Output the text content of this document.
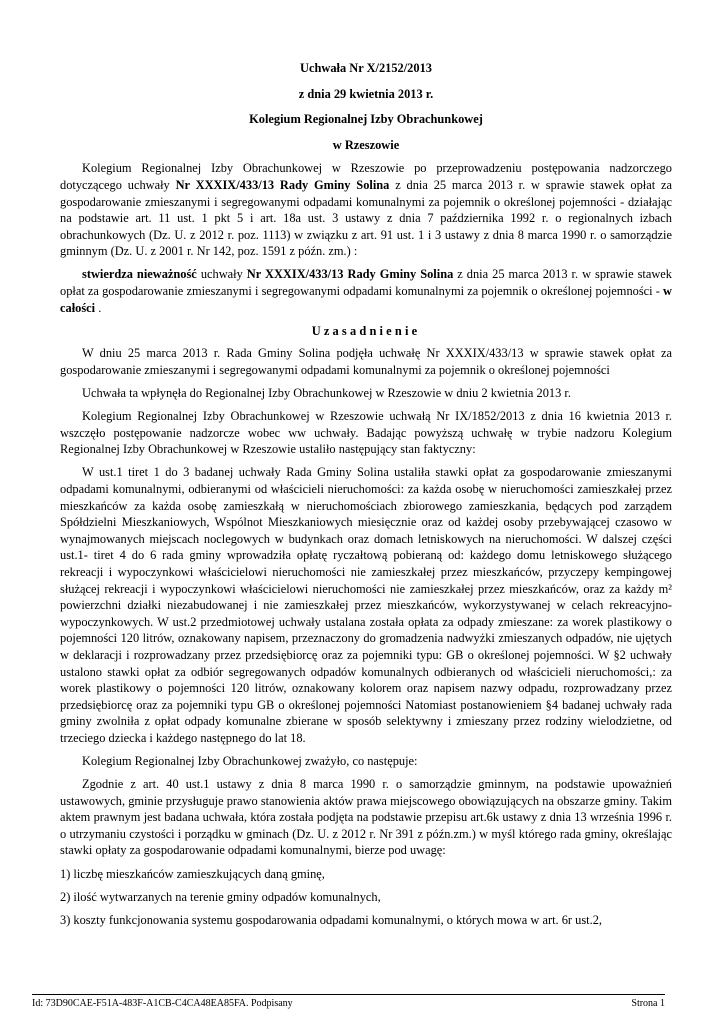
Uchwała Nr X/2152/2013
z dnia 29 kwietnia 2013 r.
Kolegium Regionalnej Izby Obrachunkowej
w Rzeszowie

Kolegium Regionalnej Izby Obrachunkowej w Rzeszowie po przeprowadzeniu postępowania nadzorczego dotyczącego uchwały Nr XXXIX/433/13 Rady Gminy Solina z dnia 25 marca 2013 r. w sprawie stawek opłat za gospodarowanie zmieszanymi i segregowanymi odpadami komunalnymi za pojemnik o określonej pojemności - działając na podstawie art. 11 ust. 1 pkt 5 i art. 18a ust. 3 ustawy z dnia 7 października 1992 r. o regionalnych izbach obrachunkowych (Dz. U. z 2012 r. poz. 1113) w związku z art. 91 ust. 1 i 3 ustawy z dnia 8 marca 1990 r. o samorządzie gminnym (Dz. U. z 2001 r. Nr 142, poz. 1591 z późn. zm.) :

stwierdza nieważność uchwały Nr XXXIX/433/13 Rady Gminy Solina z dnia 25 marca 2013 r. w sprawie stawek opłat za gospodarowanie zmieszanymi i segregowanymi odpadami komunalnymi za pojemnik o określonej pojemności - w całości .

Uzasadnienie

W dniu 25 marca 2013 r. Rada Gminy Solina podjęła uchwałę Nr XXXIX/433/13 w sprawie stawek opłat za gospodarowanie zmieszanymi i segregowanymi odpadami komunalnymi za pojemnik o określonej pojemności

Uchwała ta wpłynęła do Regionalnej Izby Obrachunkowej w Rzeszowie w dniu 2 kwietnia 2013 r.

Kolegium Regionalnej Izby Obrachunkowej w Rzeszowie uchwałą Nr IX/1852/2013 z dnia 16 kwietnia 2013 r. wszczęło postępowanie nadzorcze wobec ww uchwały. Badając powyższą uchwałę w trybie nadzoru Kolegium Regionalnej Izby Obrachunkowej w Rzeszowie ustaliło następujący stan faktyczny:

W ust.1 tiret 1 do 3 badanej uchwały Rada Gminy Solina ustaliła stawki opłat za gospodarowanie zmieszanymi odpadami komunalnymi, odbieranymi od właścicieli nieruchomości: za każda osobę w nieruchomości zamieszkałej przez mieszkańców za każda osobę zamieszkałą w nieruchomościach zbiorowego zamieszkania, będących pod zarządem Spółdzielni Mieszkaniowych, Wspólnot Mieszkaniowych miesięcznie oraz od każdej osoby przebywającej czasowo w wynajmowanych miejscach noclegowych w budynkach oraz domach letniskowych na nieruchomości. W dalszej części ust.1- tiret 4 do 6 rada gminy wprowadziła opłatę ryczałtową pobieraną od: każdego domu letniskowego służącego rekreacji i wypoczynkowi właścicielowi nieruchomości nie zamieszkałej przez mieszkańców, przyczepy kempingowej służącej rekreacji i wypoczynkowi właścicielowi nieruchomości nie zamieszkałej przez mieszkańców, oraz za każdy m² powierzchni działki niezabudowanej i nie zamieszkałej przez mieszkańców, wykorzystywanej w celach rekreacyjno-wypoczynkowych. W ust.2 przedmiotowej uchwały ustalana została opłata za odpady zmieszane: za worek plastikowy o pojemności 120 litrów, oznakowany napisem, przeznaczony do gromadzenia nadwyżki zmieszanych odpadów, nie ujętych w deklaracji i rozprowadzany przez przedsiębiorcę oraz za pojemniki typu: GB o określonej pojemności. W §2 uchwały ustalono stawki opłat za odbiór segregowanych odpadów komunalnych odbieranych od właścicieli nieruchomości,: za worek plastikowy o pojemności 120 litrów, oznakowany kolorem oraz napisem nazwy odpadu, rozprowadzany przez przedsiębiorcę oraz za pojemniki typu GB o określonej pojemności Natomiast postanowieniem §4 badanej uchwały rada gminy zwolniła z opłat odpady komunalne zbierane w sposób selektywny i zmieszany przez rodziny wielodzietne, od trzeciego dziecka i każdego następnego do lat 18.

Kolegium Regionalnej Izby Obrachunkowej zważyło, co następuje:

Zgodnie z art. 40 ust.1 ustawy z dnia 8 marca 1990 r. o samorządzie gminnym, na podstawie upoważnień ustawowych, gminie przysługuje prawo stanowienia aktów prawa miejscowego obowiązujących na obszarze gminy. Takim aktem prawnym jest badana uchwała, która została podjęta na podstawie przepisu art.6k ustawy z dnia 13 września 1996 r. o utrzymaniu czystości i porządku w gminach (Dz. U. z 2012 r. Nr 391 z późn.zm.) w myśl którego rada gminy, określając stawki opłaty za gospodarowanie odpadami komunalnymi, bierze pod uwagę:

1) liczbę mieszkańców zamieszkujących daną gminę,
2) ilość wytwarzanych na terenie gminy odpadów komunalnych,
3) koszty funkcjonowania systemu gospodarowania odpadami komunalnymi, o których mowa w art. 6r ust.2,
Id: 73D90CAE-F51A-483F-A1CB-C4CA48EA85FA. Podpisany	Strona 1
